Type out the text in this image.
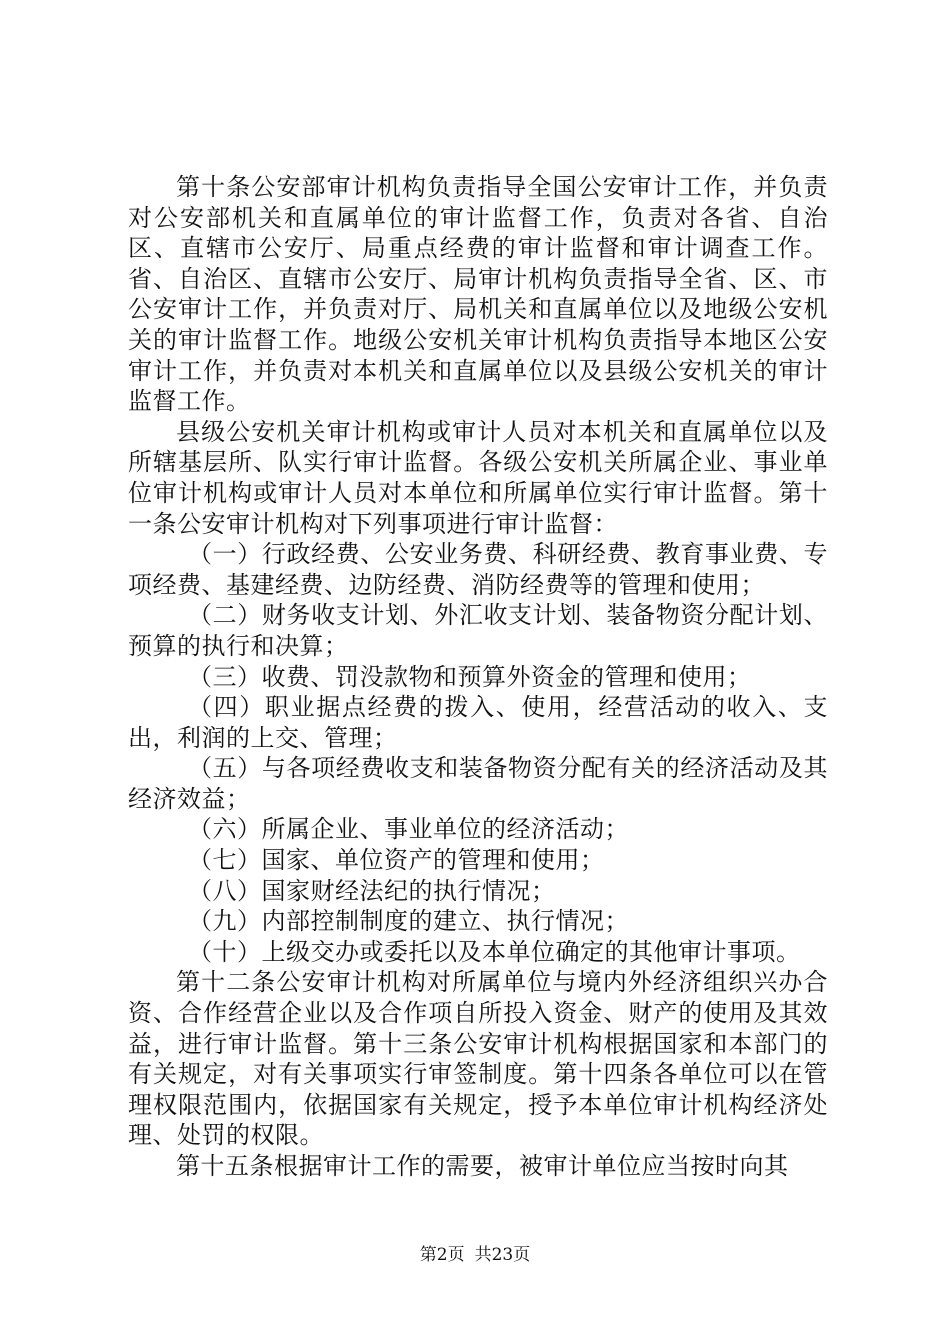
第十条公安部审计机构负责指导全国公安审计工作，并负责对公安部机关和直属单位的审计监督工作，负责对各省、自治区、直辖市公安厅、局重点经费的审计监督和审计调查工作。省、自治区、直辖市公安厅、局审计机构负责指导全省、区、市公安审计工作，并负责对厅、局机关和直属单位以及地级公安机关的审计监督工作。地级公安机关审计机构负责指导本地区公安审计工作，并负责对本机关和直属单位以及县级公安机关的审计监督工作。

县级公安机关审计机构或审计人员对本机关和直属单位以及所辖基层所、队实行审计监督。各级公安机关所属企业、事业单位审计机构或审计人员对本单位和所属单位实行审计监督。第十一条公安审计机构对下列事项进行审计监督：

（一）行政经费、公安业务费、科研经费、教育事业费、专项经费、基建经费、边防经费、消防经费等的管理和使用；

（二）财务收支计划、外汇收支计划、装备物资分配计划、预算的执行和决算；

（三）收费、罚没款物和预算外资金的管理和使用；

（四）职业据点经费的拨入、使用，经营活动的收入、支出，利润的上交、管理；

（五）与各项经费收支和装备物资分配有关的经济活动及其经济效益；

（六）所属企业、事业单位的经济活动；

（七）国家、单位资产的管理和使用；

（八）国家财经法纪的执行情况；

（九）内部控制制度的建立、执行情况；

（十）上级交办或委托以及本单位确定的其他审计事项。

第十二条公安审计机构对所属单位与境内外经济组织兴办合资、合作经营企业以及合作项自所投入资金、财产的使用及其效益，进行审计监督。第十三条公安审计机构根据国家和本部门的有关规定，对有关事项实行审签制度。第十四条各单位可以在管理权限范围内，依据国家有关规定，授予本单位审计机构经济处理、处罚的权限。

第十五条根据审计工作的需要，被审计单位应当按时向其

第2页 共23页
